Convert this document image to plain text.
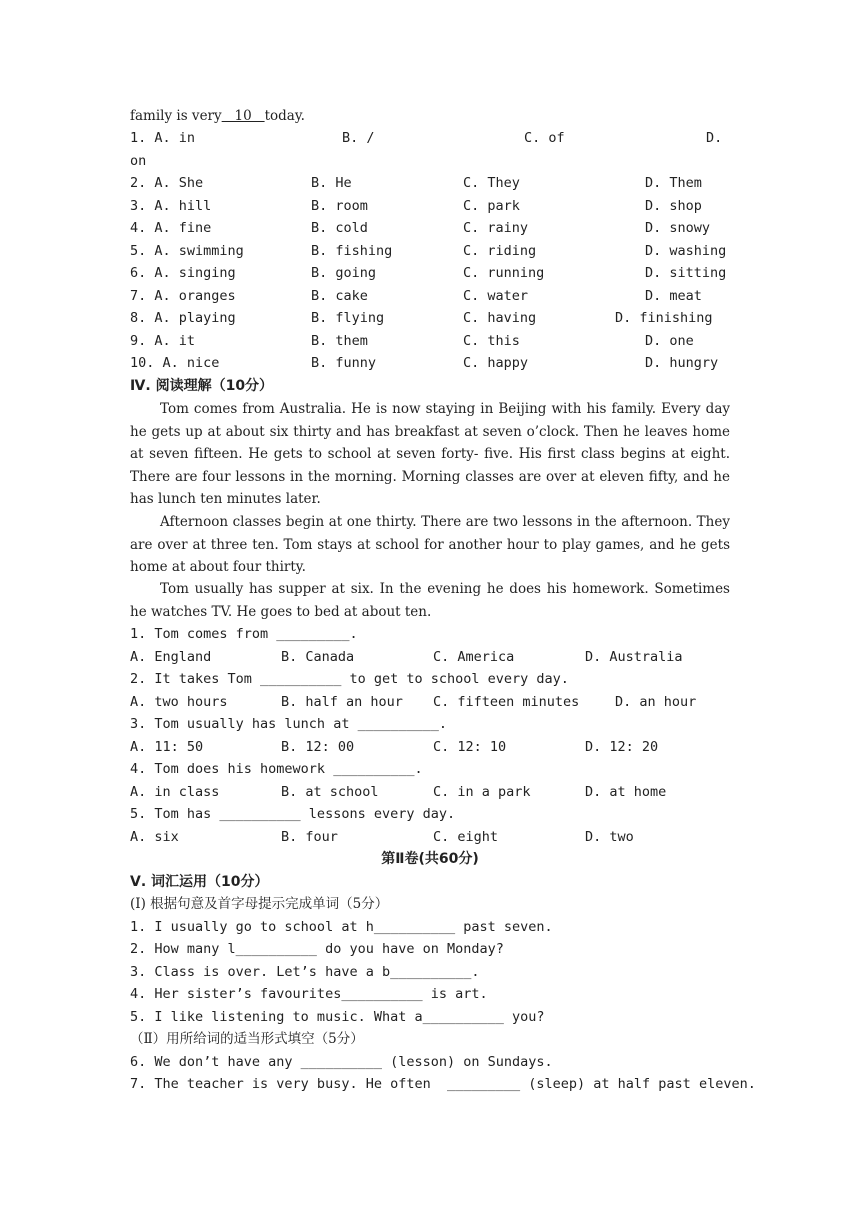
family is very   10   today.
1. A. in	B. /	C. of	D.
on
2. A. She	B. He	C. They	D. Them
3. A. hill	B. room	C. park	D. shop
4. A. fine	B. cold	C. rainy	D. snowy
5. A. swimming	B. fishing	C. riding	D. washing
6. A. singing	B. going	C. running	D. sitting
7. A. oranges	B. cake	C. water	D. meat
8. A. playing	B. flying	C. having	D. finishing
9. A. it	B. them	C. this	D. one
10. A. nice	B. funny	C. happy	D. hungry
Ⅳ. 阅读理解（10分）
Tom comes from Australia. He is now staying in Beijing with his family. Every day he gets up at about six thirty and has breakfast at seven o’clock. Then he leaves home at seven fifteen. He gets to school at seven forty- five. His first class begins at eight. There are four lessons in the morning. Morning classes are over at eleven fifty, and he has lunch ten minutes later.
Afternoon classes begin at one thirty. There are two lessons in the afternoon. They are over at three ten. Tom stays at school for another hour to play games, and he gets home at about four thirty.
Tom usually has supper at six. In the evening he does his homework. Sometimes he watches TV. He goes to bed at about ten.
1. Tom comes from _________.
A. England	B. Canada	C. America	D. Australia
2. It takes Tom __________ to get to school every day.
A. two hours	B. half an hour C. fifteen minutes	D. an hour
3. Tom usually has lunch at __________.
A. 11: 50	B. 12: 00	C. 12: 10	D. 12: 20
4. Tom does his homework __________.
A. in class	B. at school	C. in a park	D. at home
5. Tom has __________ lessons every day.
A. six	B. four	C. eight	D. two
第Ⅱ卷(共60分)
Ⅴ. 词汇运用（10分）
(Ⅰ) 根据句意及首字母提示完成单词（5分）
1. I usually go to school at h__________ past seven.
2. How many l__________ do you have on Monday?
3. Class is over. Let’s have a b__________.
4. Her sister’s favourites__________ is art.
5. I like listening to music. What a__________ you?
（Ⅱ）用所给词的适当形式填空（5分）
6. We don’t have any __________ (lesson) on Sundays.
7. The teacher is very busy. He often  _________ (sleep) at half past eleven.
